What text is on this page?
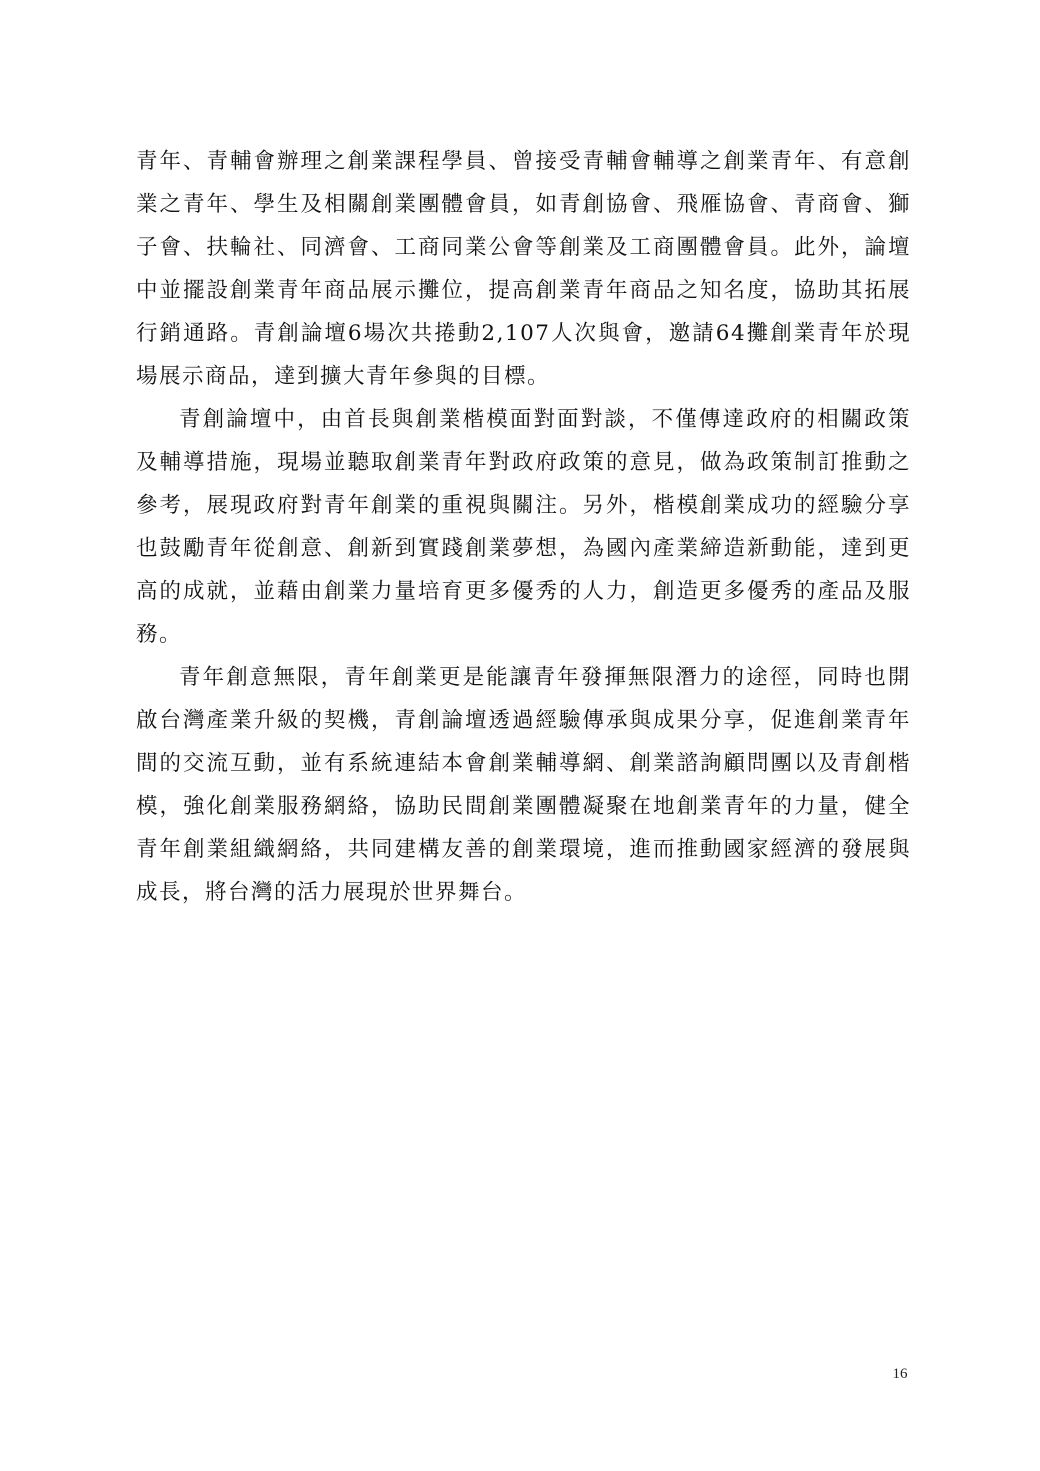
青年、青輔會辦理之創業課程學員、曾接受青輔會輔導之創業青年、有意創業之青年、學生及相關創業團體會員，如青創協會、飛雁協會、青商會、獅子會、扶輪社、同濟會、工商同業公會等創業及工商團體會員。此外，論壇中並擺設創業青年商品展示攤位，提高創業青年商品之知名度，協助其拓展行銷通路。青創論壇6場次共捲動2,107人次與會，邀請64攤創業青年於現場展示商品，達到擴大青年參與的目標。

青創論壇中，由首長與創業楷模面對面對談，不僅傳達政府的相關政策及輔導措施，現場並聽取創業青年對政府政策的意見，做為政策制訂推動之參考，展現政府對青年創業的重視與關注。另外，楷模創業成功的經驗分享也鼓勵青年從創意、創新到實踐創業夢想，為國內產業締造新動能，達到更高的成就，並藉由創業力量培育更多優秀的人力，創造更多優秀的產品及服務。

青年創意無限，青年創業更是能讓青年發揮無限潛力的途徑，同時也開啟台灣產業升級的契機，青創論壇透過經驗傳承與成果分享，促進創業青年間的交流互動，並有系統連結本會創業輔導網、創業諮詢顧問團以及青創楷模，強化創業服務網絡，協助民間創業團體凝聚在地創業青年的力量，健全青年創業組織網絡，共同建構友善的創業環境，進而推動國家經濟的發展與成長，將台灣的活力展現於世界舞台。

16
